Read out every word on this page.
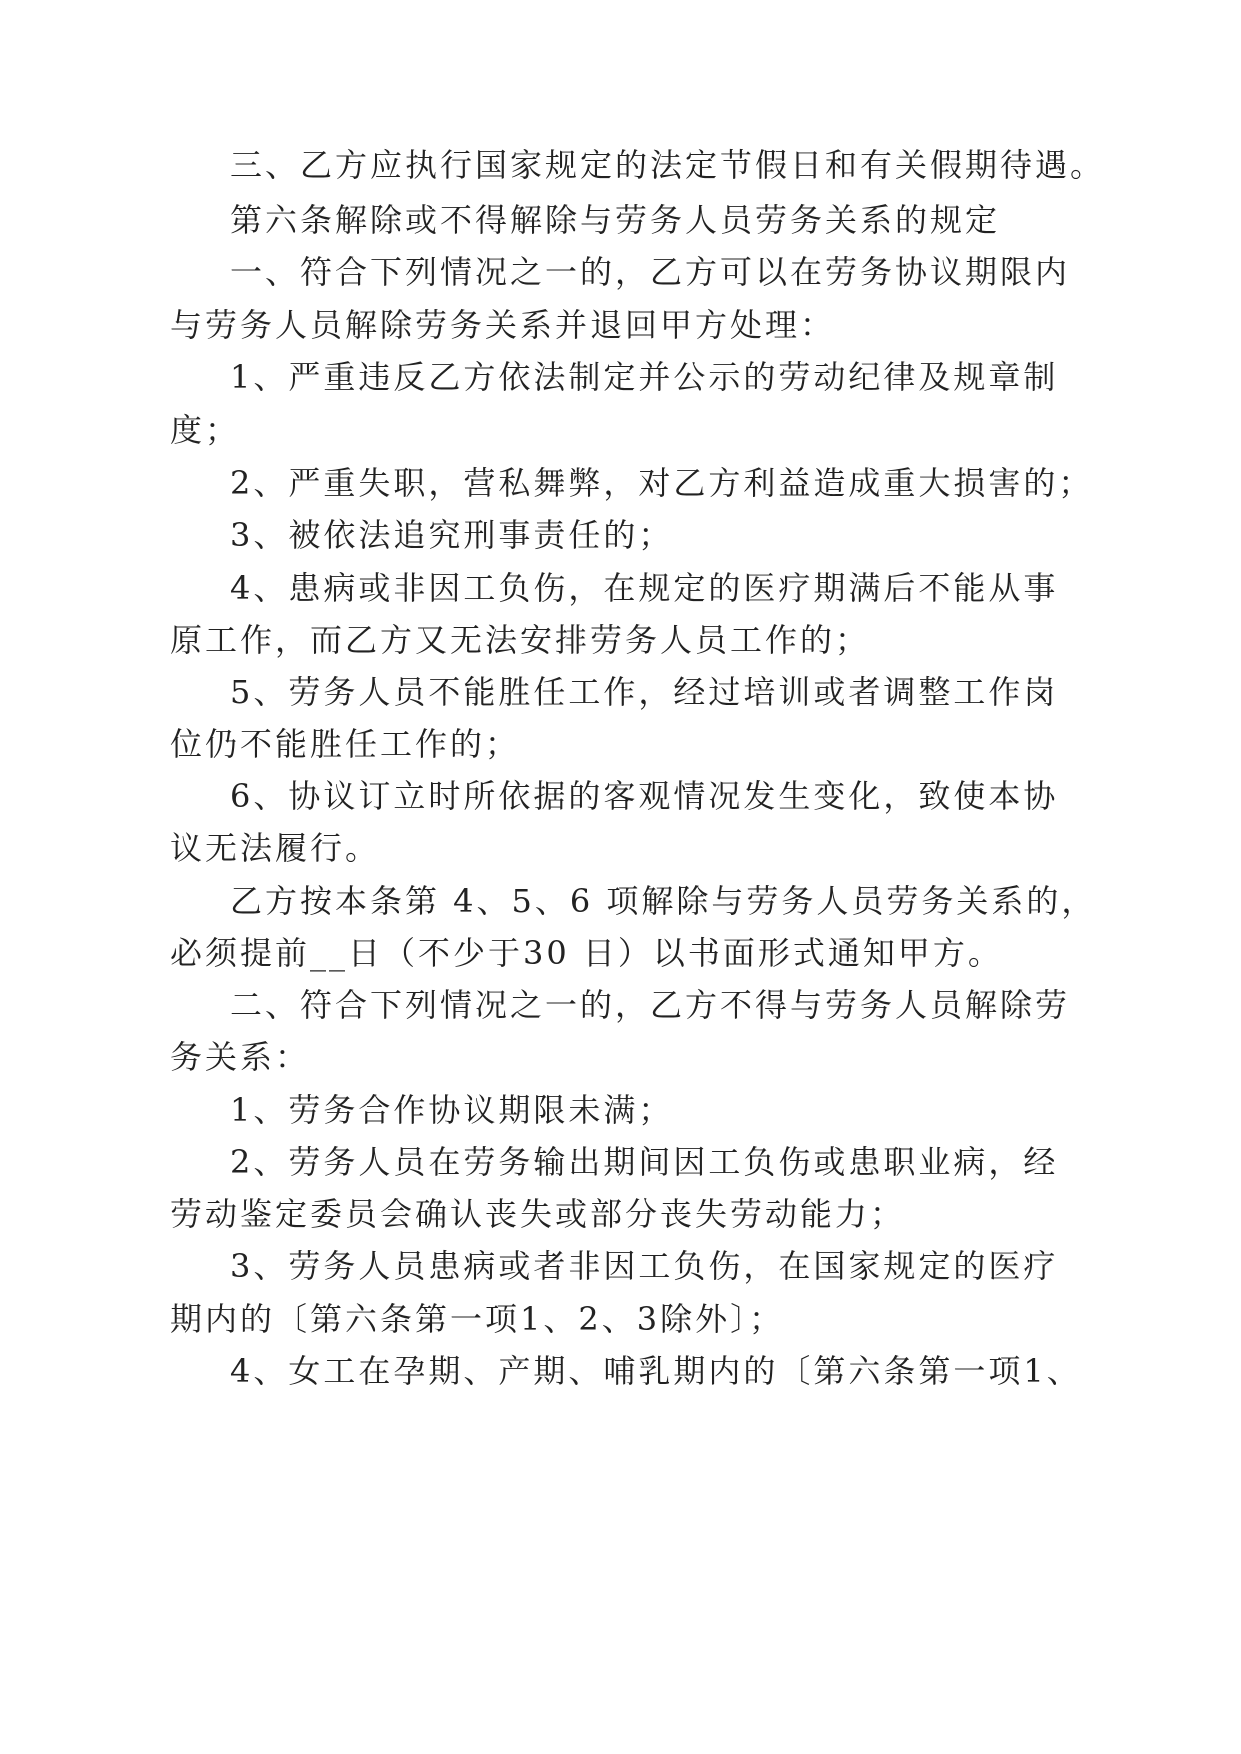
三、乙方应执行国家规定的法定节假日和有关假期待遇。
第六条解除或不得解除与劳务人员劳务关系的规定
一、符合下列情况之一的，乙方可以在劳务协议期限内
与劳务人员解除劳务关系并退回甲方处理：
1、严重违反乙方依法制定并公示的劳动纪律及规章制
度；
2、严重失职，营私舞弊，对乙方利益造成重大损害的；
3、被依法追究刑事责任的；
4、患病或非因工负伤，在规定的医疗期满后不能从事
原工作，而乙方又无法安排劳务人员工作的；
5、劳务人员不能胜任工作，经过培训或者调整工作岗
位仍不能胜任工作的；
6、协议订立时所依据的客观情况发生变化，致使本协
议无法履行。
乙方按本条第 4、5、6 项解除与劳务人员劳务关系的，
必须提前__日（不少于30 日）以书面形式通知甲方。
二、符合下列情况之一的，乙方不得与劳务人员解除劳
务关系：
1、劳务合作协议期限未满；
2、劳务人员在劳务输出期间因工负伤或患职业病，经
劳动鉴定委员会确认丧失或部分丧失劳动能力；
3、劳务人员患病或者非因工负伤，在国家规定的医疗
期内的〔第六条第一项1、2、3除外〕；
4、女工在孕期、产期、哺乳期内的〔第六条第一项1、
